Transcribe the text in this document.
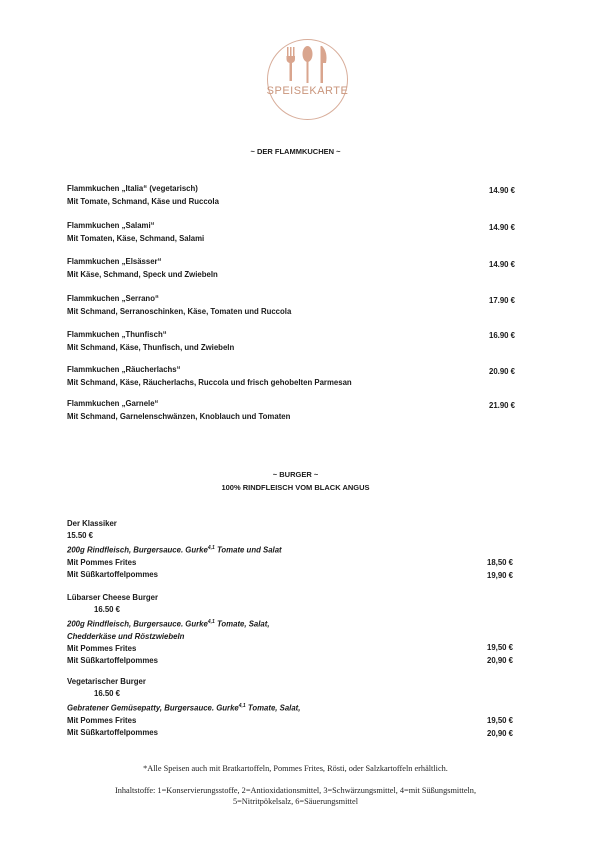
SPEISEKARTE
~ DER FLAMMKUCHEN ~
Flammkuchen „Italia“ (vegetarisch)
Mit Tomate, Schmand, Käse und Ruccola
14.90 €
Flammkuchen „Salami“
Mit Tomaten, Käse, Schmand, Salami
14.90 €
Flammkuchen „Elsässer“
Mit Käse, Schmand, Speck und Zwiebeln
14.90 €
Flammkuchen „Serrano“
Mit Schmand, Serranoschinken, Käse, Tomaten und Ruccola
17.90 €
Flammkuchen „Thunfisch“
Mit Schmand, Käse, Thunfisch, und Zwiebeln
16.90 €
Flammkuchen „Räucherlachs“
Mit Schmand, Käse, Räucherlachs, Ruccola und frisch gehobelten Parmesan
20.90 €
Flammkuchen „Garnele“
Mit Schmand, Garnelenschwänzen, Knoblauch und Tomaten
21.90 €
~ BURGER ~
100% RINDFLEISCH VOM BLACK ANGUS
Der Klassiker
15.50 €
200g Rindfleisch, Burgersauce. Gurke$^{4,1}$ Tomate und Salat
Mit Pommes Frites
Mit Süßkartoffelpommes
18,50 €
19,90 €
Lübarser Cheese Burger
16.50 €
200g Rindfleisch, Burgersauce. Gurke$^{4,1}$ Tomate, Salat,
Chedderkäse und Röstzwiebeln
Mit Pommes Frites
Mit Süßkartoffelpommes
19,50 €
20,90 €
Vegetarischer Burger
16.50 €
Gebratener Gemüsepatty, Burgersauce. Gurke$^{4,1}$ Tomate, Salat,
Mit Pommes Frites
Mit Süßkartoffelpommes
19,50 €
20,90 €
*Alle Speisen auch mit Bratkartoffeln, Pommes Frites, Rösti, oder Salzkartoffeln erhältlich.
Inhaltstoffe: 1=Konservierungsstoffe, 2=Antioxidationsmittel, 3=Schwärzungsmittel, 4=mit Süßungsmitteln,
5=Nitritpökelsalz, 6=Säuerungsmittel
